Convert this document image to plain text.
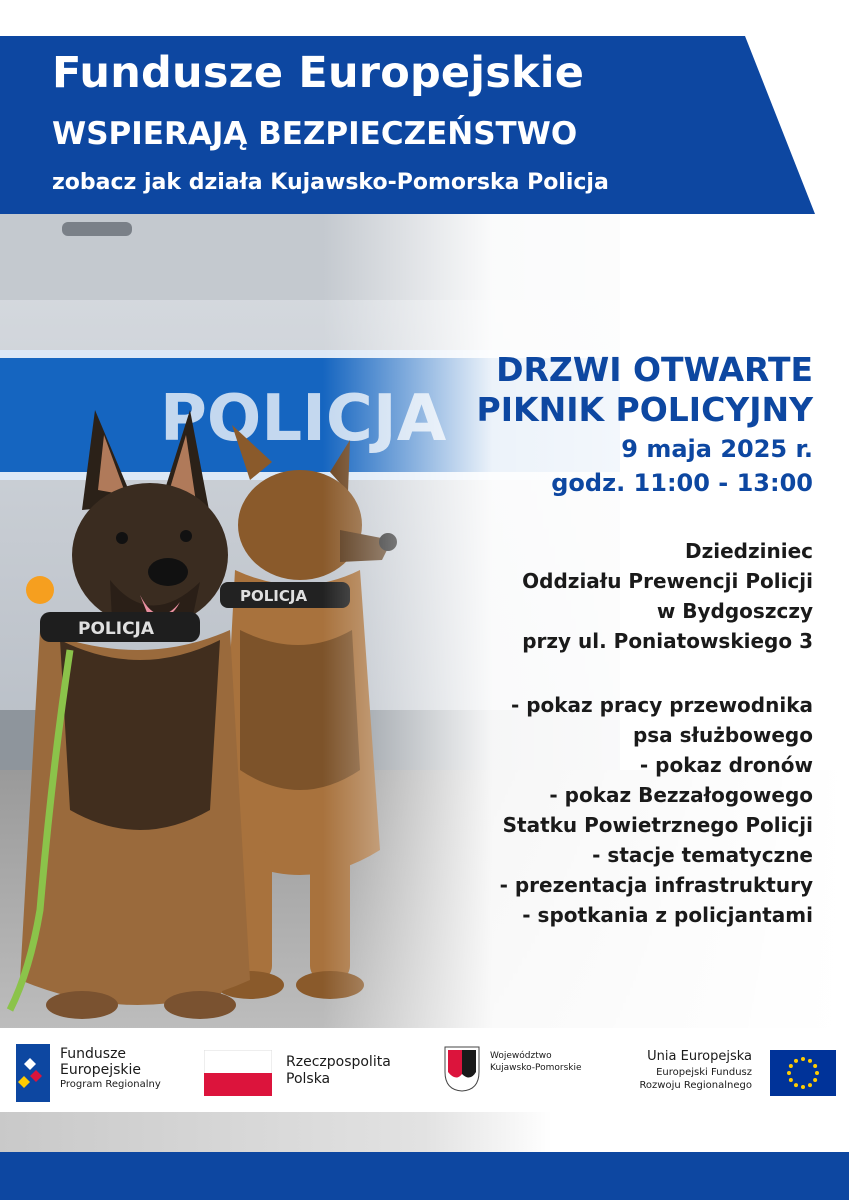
Fundusze Europejskie
WSPIERAJĄ BEZPIECZEŃSTWO
zobacz jak działa Kujawsko-Pomorska Policja
DRZWI OTWARTE
PIKNIK POLICYJNY
9 maja 2025 r.
godz. 11:00 - 13:00
Dziedziniec
Oddziału Prewencji Policji
w Bydgoszczy
przy ul. Poniatowskiego 3
- pokaz pracy przewodnika
psa służbowego
- pokaz dronów
- pokaz Bezzałogowego
Statku Powietrznego Policji
- stacje tematyczne
- prezentacja infrastruktury
- spotkania z policjantami
Fundusze
Europejskie
Program Regionalny
Rzeczpospolita
Polska
Województwo
Kujawsko-Pomorskie
Unia Europejska
Europejski Fundusz
Rozwoju Regionalnego
